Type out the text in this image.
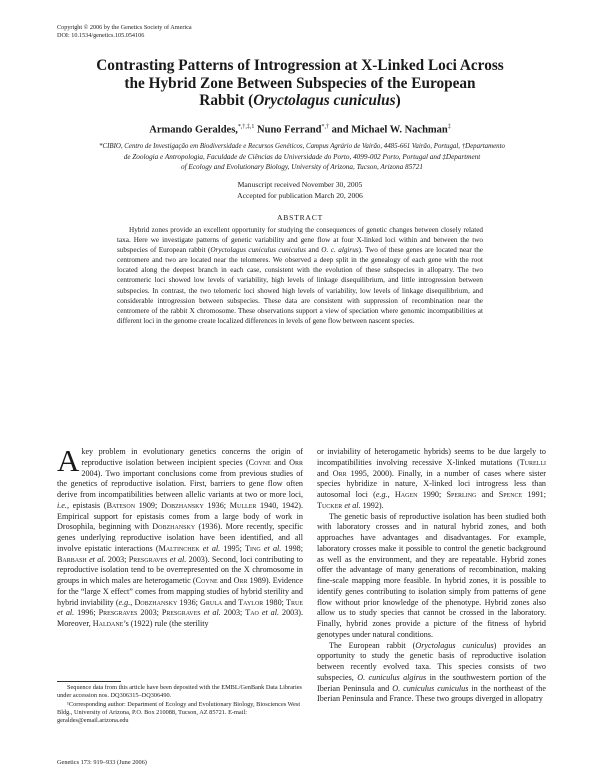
Copyright © 2006 by the Genetics Society of America
DOI: 10.1534/genetics.105.054106
Contrasting Patterns of Introgression at X-Linked Loci Across
the Hybrid Zone Between Subspecies of the European
Rabbit (Oryctolagus cuniculus)
Armando Geraldes,$^{*,\dagger,\ddagger,1}$ Nuno Ferrand*,† and Michael W. Nachman‡
*CIBIO, Centro de Investigação em Biodiversidade e Recursos Genéticos, Campus Agrário de Vairão, 4485-661 Vairão, Portugal, †Departamento
de Zoologia e Antropologia, Faculdade de Ciências da Universidade do Porto, 4099-002 Porto, Portugal and ‡Department
of Ecology and Evolutionary Biology, University of Arizona, Tucson, Arizona 85721
Manuscript received November 30, 2005
Accepted for publication March 20, 2006
ABSTRACT
Hybrid zones provide an excellent opportunity for studying the consequences of genetic changes between closely related taxa. Here we investigate patterns of genetic variability and gene flow at four X-linked loci within and between the two subspecies of European rabbit (Oryctolagus cuniculus cuniculus and O. c. algirus). Two of these genes are located near the centromere and two are located near the telomeres. We observed a deep split in the genealogy of each gene with the root located along the deepest branch in each case, consistent with the evolution of these subspecies in allopatry. The two centromeric loci showed low levels of variability, high levels of linkage disequilibrium, and little introgression between subspecies. In contrast, the two telomeric loci showed high levels of variability, low levels of linkage disequilibrium, and considerable introgression between subspecies. These data are consistent with suppression of recombination near the centromere of the rabbit X chromosome. These observations support a view of speciation where genomic incompatibilities at different loci in the genome create localized differences in levels of gene flow between nascent species.

Akey problem in evolutionary genetics concerns the origin of reproductive isolation between incipient species (Coyne and Orr 2004). Two important conclusions come from previous studies of the genetics of reproductive isolation. First, barriers to gene flow often derive from incompatibilities between allelic variants at two or more loci, i.e., epistasis (Bateson 1909; Dobzhansky 1936; Muller 1940, 1942). Empirical support for epistasis comes from a large body of work in Drosophila, beginning with Dobzhansky (1936). More recently, specific genes underlying reproductive isolation have been identified, and all involve epistatic interactions (Maltinchek et al. 1995; Ting et al. 1998; Barbash et al. 2003; Presgraves et al. 2003). Second, loci contributing to reproductive isolation tend to be overrepresented on the X chromosome in groups in which males are heterogametic (Coyne and Orr 1989). Evidence for the “large X effect” comes from mapping studies of hybrid sterility and hybrid inviability (e.g., Dobzhansky 1936; Grula and Taylor 1980; True et al. 1996; Presgraves 2003; Presgraves et al. 2003; Tao et al. 2003). Moreover, Haldane’s (1922) rule (the sterility

or inviability of heterogametic hybrids) seems to be due largely to incompatibilities involving recessive X-linked mutations (Turelli and Orr 1995, 2000). Finally, in a number of cases where sister species hybridize in nature, X-linked loci introgress less than autosomal loci (e.g., Hagen 1990; Sperling and Spence 1991; Tucker et al. 1992).

The genetic basis of reproductive isolation has been studied both with laboratory crosses and in natural hybrid zones, and both approaches have advantages and disadvantages. For example, laboratory crosses make it possible to control the genetic background as well as the environment, and they are repeatable. Hybrid zones offer the advantage of many generations of recombination, making fine-scale mapping more feasible. In hybrid zones, it is possible to identify genes contributing to isolation simply from patterns of gene flow without prior knowledge of the phenotype. Hybrid zones also allow us to study species that cannot be crossed in the laboratory. Finally, hybrid zones provide a picture of the fitness of hybrid genotypes under natural conditions.

The European rabbit (Oryctolagus cuniculus) provides an opportunity to study the genetic basis of reproductive isolation between recently evolved taxa. This species consists of two subspecies, O. cuniculus algirus in the southwestern portion of the Iberian Peninsula and O. cuniculus cuniculus in the northeast of the Iberian Peninsula and France. These two groups diverged in allopatry

Sequence data from this article have been deposited with the EMBL/GenBank Data Libraries under accession nos. DQ306315–DQ306490.

¹Corresponding author: Department of Ecology and Evolutionary Biology, Biosciences West Bldg., University of Arizona, P.O. Box 210088, Tucson, AZ 85721. E-mail: geraldes@email.arizona.edu

Genetics 173: 919–933 (June 2006)
